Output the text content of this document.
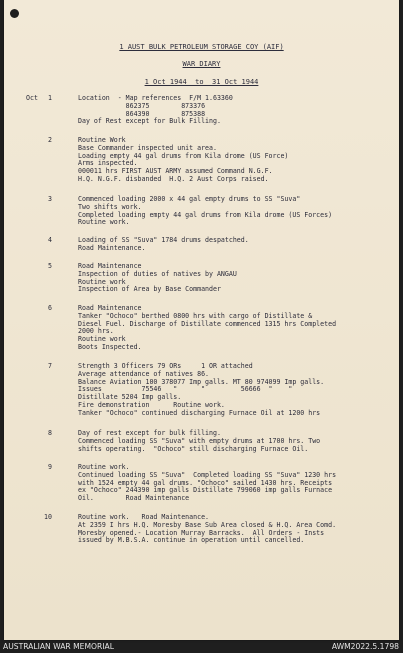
1 AUST BULK PETROLEUM STORAGE COY (AIF)
WAR DIARY
1 Oct 1944  to  31 Oct 1944
Oct 1	Location  - Map references  F/M 1.63360
862375        873376
864390        875388
Day of Rest except for Bulk Filling.
2	Routine Work
Base Commander inspected unit area.
Loading empty 44 gal drums from Kila drome (US Force)
Arms inspected.
000011 hrs FIRST AUST ARMY assumed Command N.G.F.
H.Q. N.G.F. disbanded  H.Q. 2 Aust Corps raised.
3	Commenced loading 2000 x 44 gal empty drums to SS "Suva"
Two shifts work.
Completed loading empty 44 gal drums from Kila drome (US Forces)
Routine work.
4	Loading of SS "Suva" 1784 drums despatched.
Road Maintenance.
5	Road Maintenance
Inspection of duties of natives by ANGAU
Routine work
Inspection of Area by Base Commander
6	Road Maintenance
Tanker "Ochoco" berthed 0800 hrs with cargo of Distillate &
Diesel Fuel. Discharge of Distillate commenced 1315 hrs Completed
2000 hrs.
Routine work
Boots Inspected.
7	Strength 3 Officers 79 ORs     1 OR attached
Average attendance of natives 86.
Balance Aviation 100 378077 Imp galls. MT 80 974099 Imp galls.
Issues          75546   "      "         56666  "    "
Distillate 5204 Imp galls.
Fire demonstration      Routine work.
Tanker "Ochoco" continued discharging Furnace Oil at 1200 hrs
8	Day of rest except for bulk filling.
Commenced loading SS "Suva" with empty drums at 1700 hrs. Two
shifts operating.  "Ochoco" still discharging Furnace Oil.
9	Routine work.
Continued loading SS "Suva"  Completed loading SS "Suva" 1230 hrs
with 1524 empty 44 gal drums. "Ochoco" sailed 1430 hrs. Receipts
ex "Ochoco" 244390 imp galls Distillate 799060 imp galls Furnace
Oil.        Road Maintenance
10	Routine work.   Road Maintenance.
At 2359 I hrs H.Q. Moresby Base Sub Area closed & H.Q. Area Comd.
Moresby opened.- Location Murray Barracks.  All Orders - Insts
issued by M.B.S.A. continue in operation until cancelled.
AUSTRALIAN WAR MEMORIAL	AWM2022.5.1798
